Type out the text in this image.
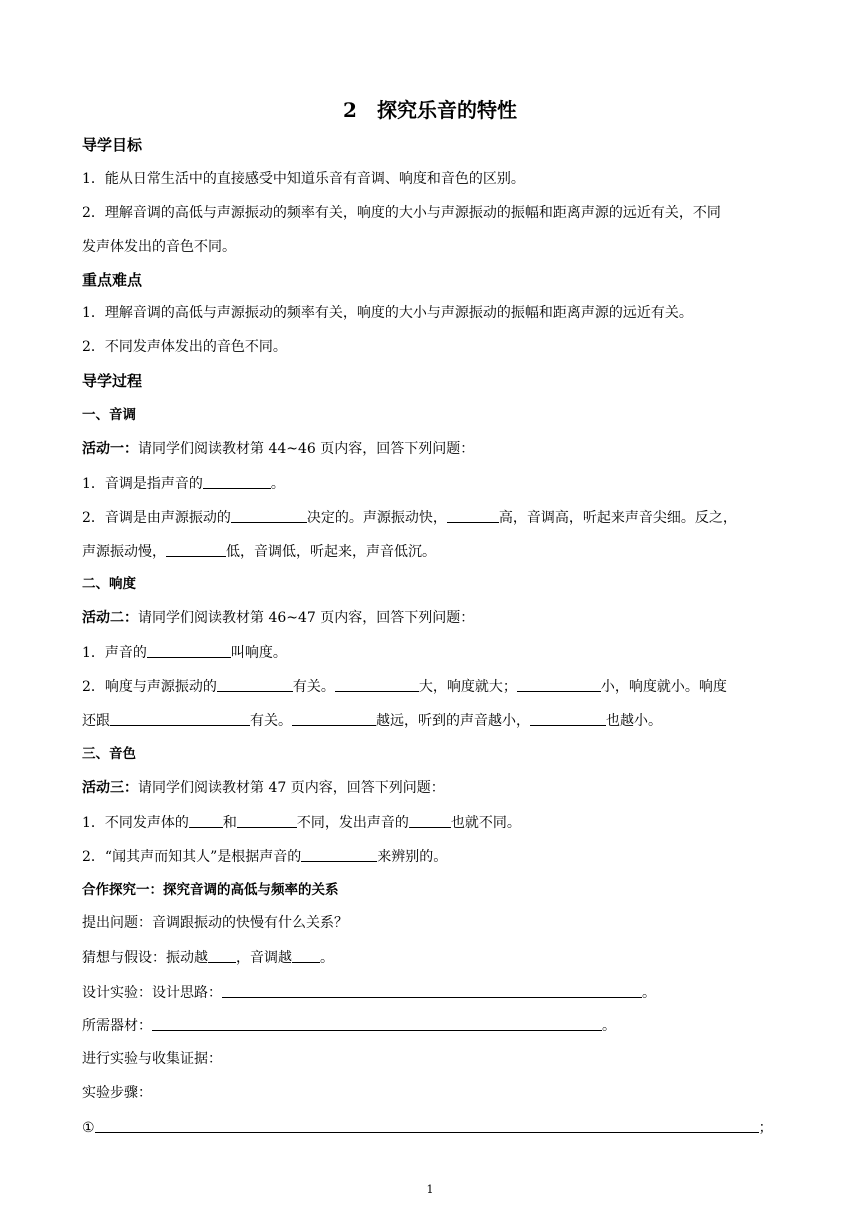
2　探究乐音的特性
导学目标
1．能从日常生活中的直接感受中知道乐音有音调、响度和音色的区别。
2．理解音调的高低与声源振动的频率有关，响度的大小与声源振动的振幅和距离声源的远近有关，不同
发声体发出的音色不同。
重点难点
1．理解音调的高低与声源振动的频率有关，响度的大小与声源振动的振幅和距离声源的远近有关。
2．不同发声体发出的音色不同。
导学过程
一、音调
活动一：请同学们阅读教材第 44~46 页内容，回答下列问题：
1．音调是指声音的	。
2．音调是由声源振动的	决定的。声源振动快，	高，音调高，听起来声音尖细。反之，
声源振动慢，	低，音调低，听起来，声音低沉。
二、响度
活动二：请同学们阅读教材第 46~47 页内容，回答下列问题：
1．声音的	叫响度。
2．响度与声源振动的	有关。	大，响度就大；	小，响度就小。响度
还跟	有关。	越远，听到的声音越小，	也越小。
三、音色
活动三：请同学们阅读教材第 47 页内容，回答下列问题：
1．不同发声体的 和	不同，发出声音的	也就不同。
2．“闻其声而知其人”是根据声音的	来辨别的。
合作探究一：探究音调的高低与频率的关系
提出问题：音调跟振动的快慢有什么关系？
猜想与假设：振动越 ，音调越 。
设计实验：设计思路：	。
所需器材：	。
进行实验与收集证据：
实验步骤：
①	；
1
